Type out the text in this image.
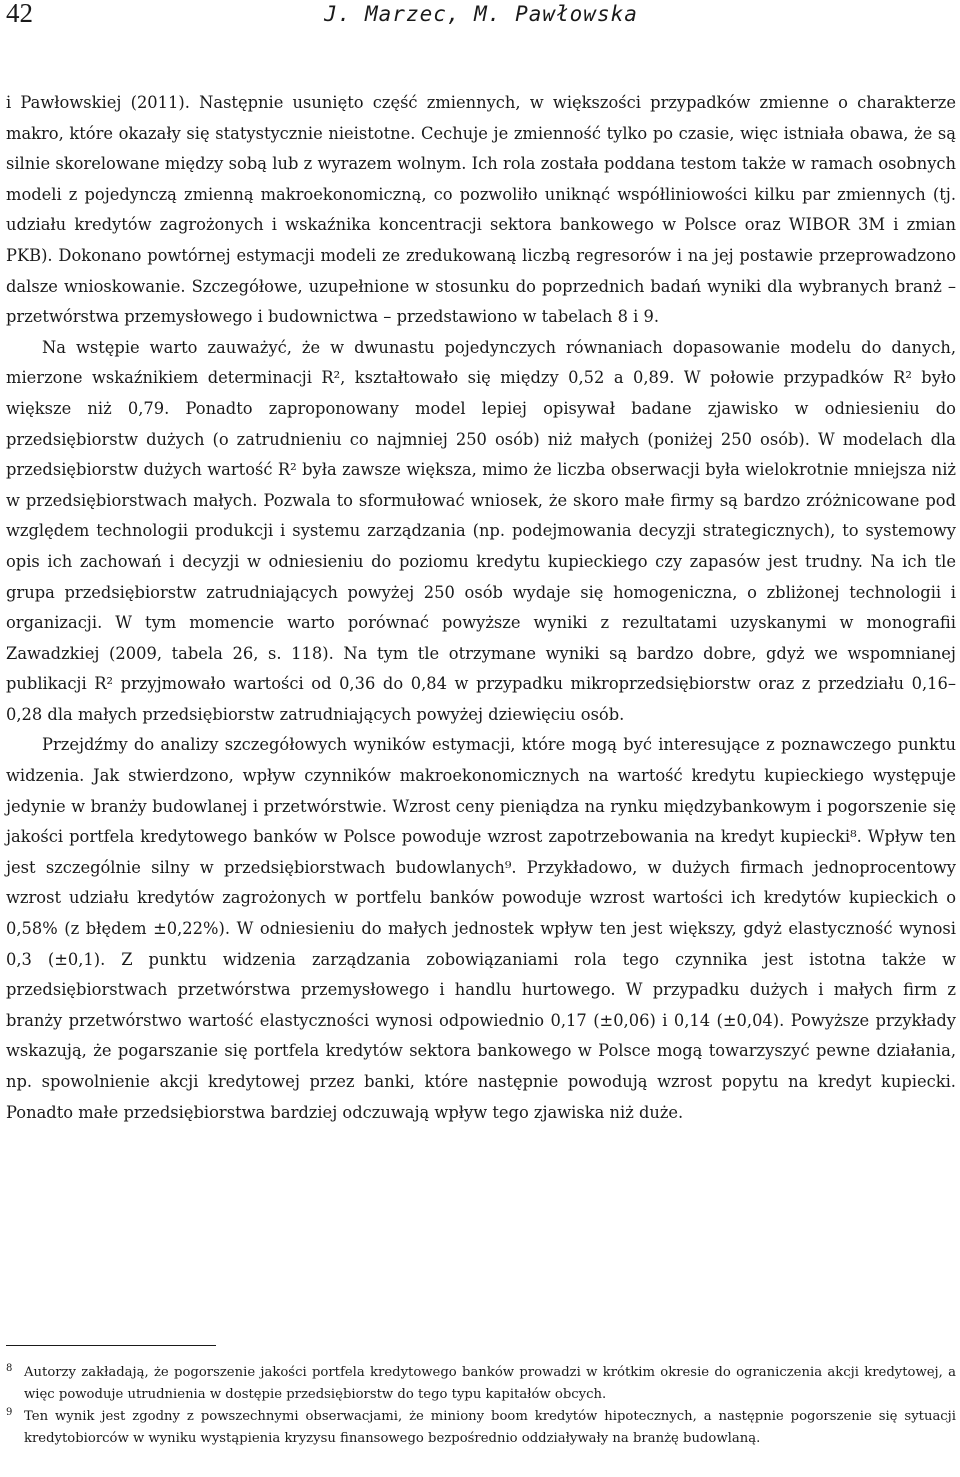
42	J. Marzec, M. Pawłowska

i Pawłowskiej (2011). Następnie usunięto część zmiennych, w większości przypadków zmienne o charakterze makro, które okazały się statystycznie nieistotne. Cechuje je zmienność tylko po czasie, więc istniała obawa, że są silnie skorelowane między sobą lub z wyrazem wolnym. Ich rola została poddana testom także w ramach osobnych modeli z pojedynczą zmienną makroekonomiczną, co pozwoliło uniknąć współliniowości kilku par zmiennych (tj. udziału kredytów zagrożonych i wskaźnika koncentracji sektora bankowego w Polsce oraz WIBOR 3M i zmian PKB). Dokonano powtórnej estymacji modeli ze zredukowaną liczbą regresorów i na jej postawie przeprowadzono dalsze wnioskowanie. Szczegółowe, uzupełnione w stosunku do poprzednich badań wyniki dla wybranych branż – przetwórstwa przemysłowego i budownictwa – przedstawiono w tabelach 8 i 9.

Na wstępie warto zauważyć, że w dwunastu pojedynczych równaniach dopasowanie modelu do danych, mierzone wskaźnikiem determinacji R², kształtowało się między 0,52 a 0,89. W połowie przypadków R² było większe niż 0,79. Ponadto zaproponowany model lepiej opisywał badane zjawisko w odniesieniu do przedsiębiorstw dużych (o zatrudnieniu co najmniej 250 osób) niż małych (poniżej 250 osób). W modelach dla przedsiębiorstw dużych wartość R² była zawsze większa, mimo że liczba obserwacji była wielokrotnie mniejsza niż w przedsiębiorstwach małych. Pozwala to sformułować wniosek, że skoro małe firmy są bardzo zróżnicowane pod względem technologii produkcji i systemu zarządzania (np. podejmowania decyzji strategicznych), to systemowy opis ich zachowań i decyzji w odniesieniu do poziomu kredytu kupieckiego czy zapasów jest trudny. Na ich tle grupa przedsiębiorstw zatrudniających powyżej 250 osób wydaje się homogeniczna, o zbliżonej technologii i organizacji. W tym momencie warto porównać powyższe wyniki z rezultatami uzyskanymi w monografii Zawadzkiej (2009, tabela 26, s. 118). Na tym tle otrzymane wyniki są bardzo dobre, gdyż we wspomnianej publikacji R² przyjmowało wartości od 0,36 do 0,84 w przypadku mikroprzedsiębiorstw oraz z przedziału 0,16–0,28 dla małych przedsiębiorstw zatrudniających powyżej dziewięciu osób.

Przejdźmy do analizy szczegółowych wyników estymacji, które mogą być interesujące z poznawczego punktu widzenia. Jak stwierdzono, wpływ czynników makroekonomicznych na wartość kredytu kupieckiego występuje jedynie w branży budowlanej i przetwórstwie. Wzrost ceny pieniądza na rynku międzybankowym i pogorszenie się jakości portfela kredytowego banków w Polsce powoduje wzrost zapotrzebowania na kredyt kupiecki⁸. Wpływ ten jest szczególnie silny w przedsiębiorstwach budowlanych⁹. Przykładowo, w dużych firmach jednoprocentowy wzrost udziału kredytów zagrożonych w portfelu banków powoduje wzrost wartości ich kredytów kupieckich o 0,58% (z błędem ±0,22%). W odniesieniu do małych jednostek wpływ ten jest większy, gdyż elastyczność wynosi 0,3 (±0,1). Z punktu widzenia zarządzania zobowiązaniami rola tego czynnika jest istotna także w przedsiębiorstwach przetwórstwa przemysłowego i handlu hurtowego. W przypadku dużych i małych firm z branży przetwórstwo wartość elastyczności wynosi odpowiednio 0,17 (±0,06) i 0,14 (±0,04). Powyższe przykłady wskazują, że pogarszanie się portfela kredytów sektora bankowego w Polsce mogą towarzyszyć pewne działania, np. spowolnienie akcji kredytowej przez banki, które następnie powodują wzrost popytu na kredyt kupiecki. Ponadto małe przedsiębiorstwa bardziej odczuwają wpływ tego zjawiska niż duże.

8 Autorzy zakładają, że pogorszenie jakości portfela kredytowego banków prowadzi w krótkim okresie do ograniczenia akcji kredytowej, a więc powoduje utrudnienia w dostępie przedsiębiorstw do tego typu kapitałów obcych.
9 Ten wynik jest zgodny z powszechnymi obserwacjami, że miniony boom kredytów hipotecznych, a następnie pogorszenie się sytuacji kredytobiorców w wyniku wystąpienia kryzysu finansowego bezpośrednio oddziaływały na branżę budowlaną.
